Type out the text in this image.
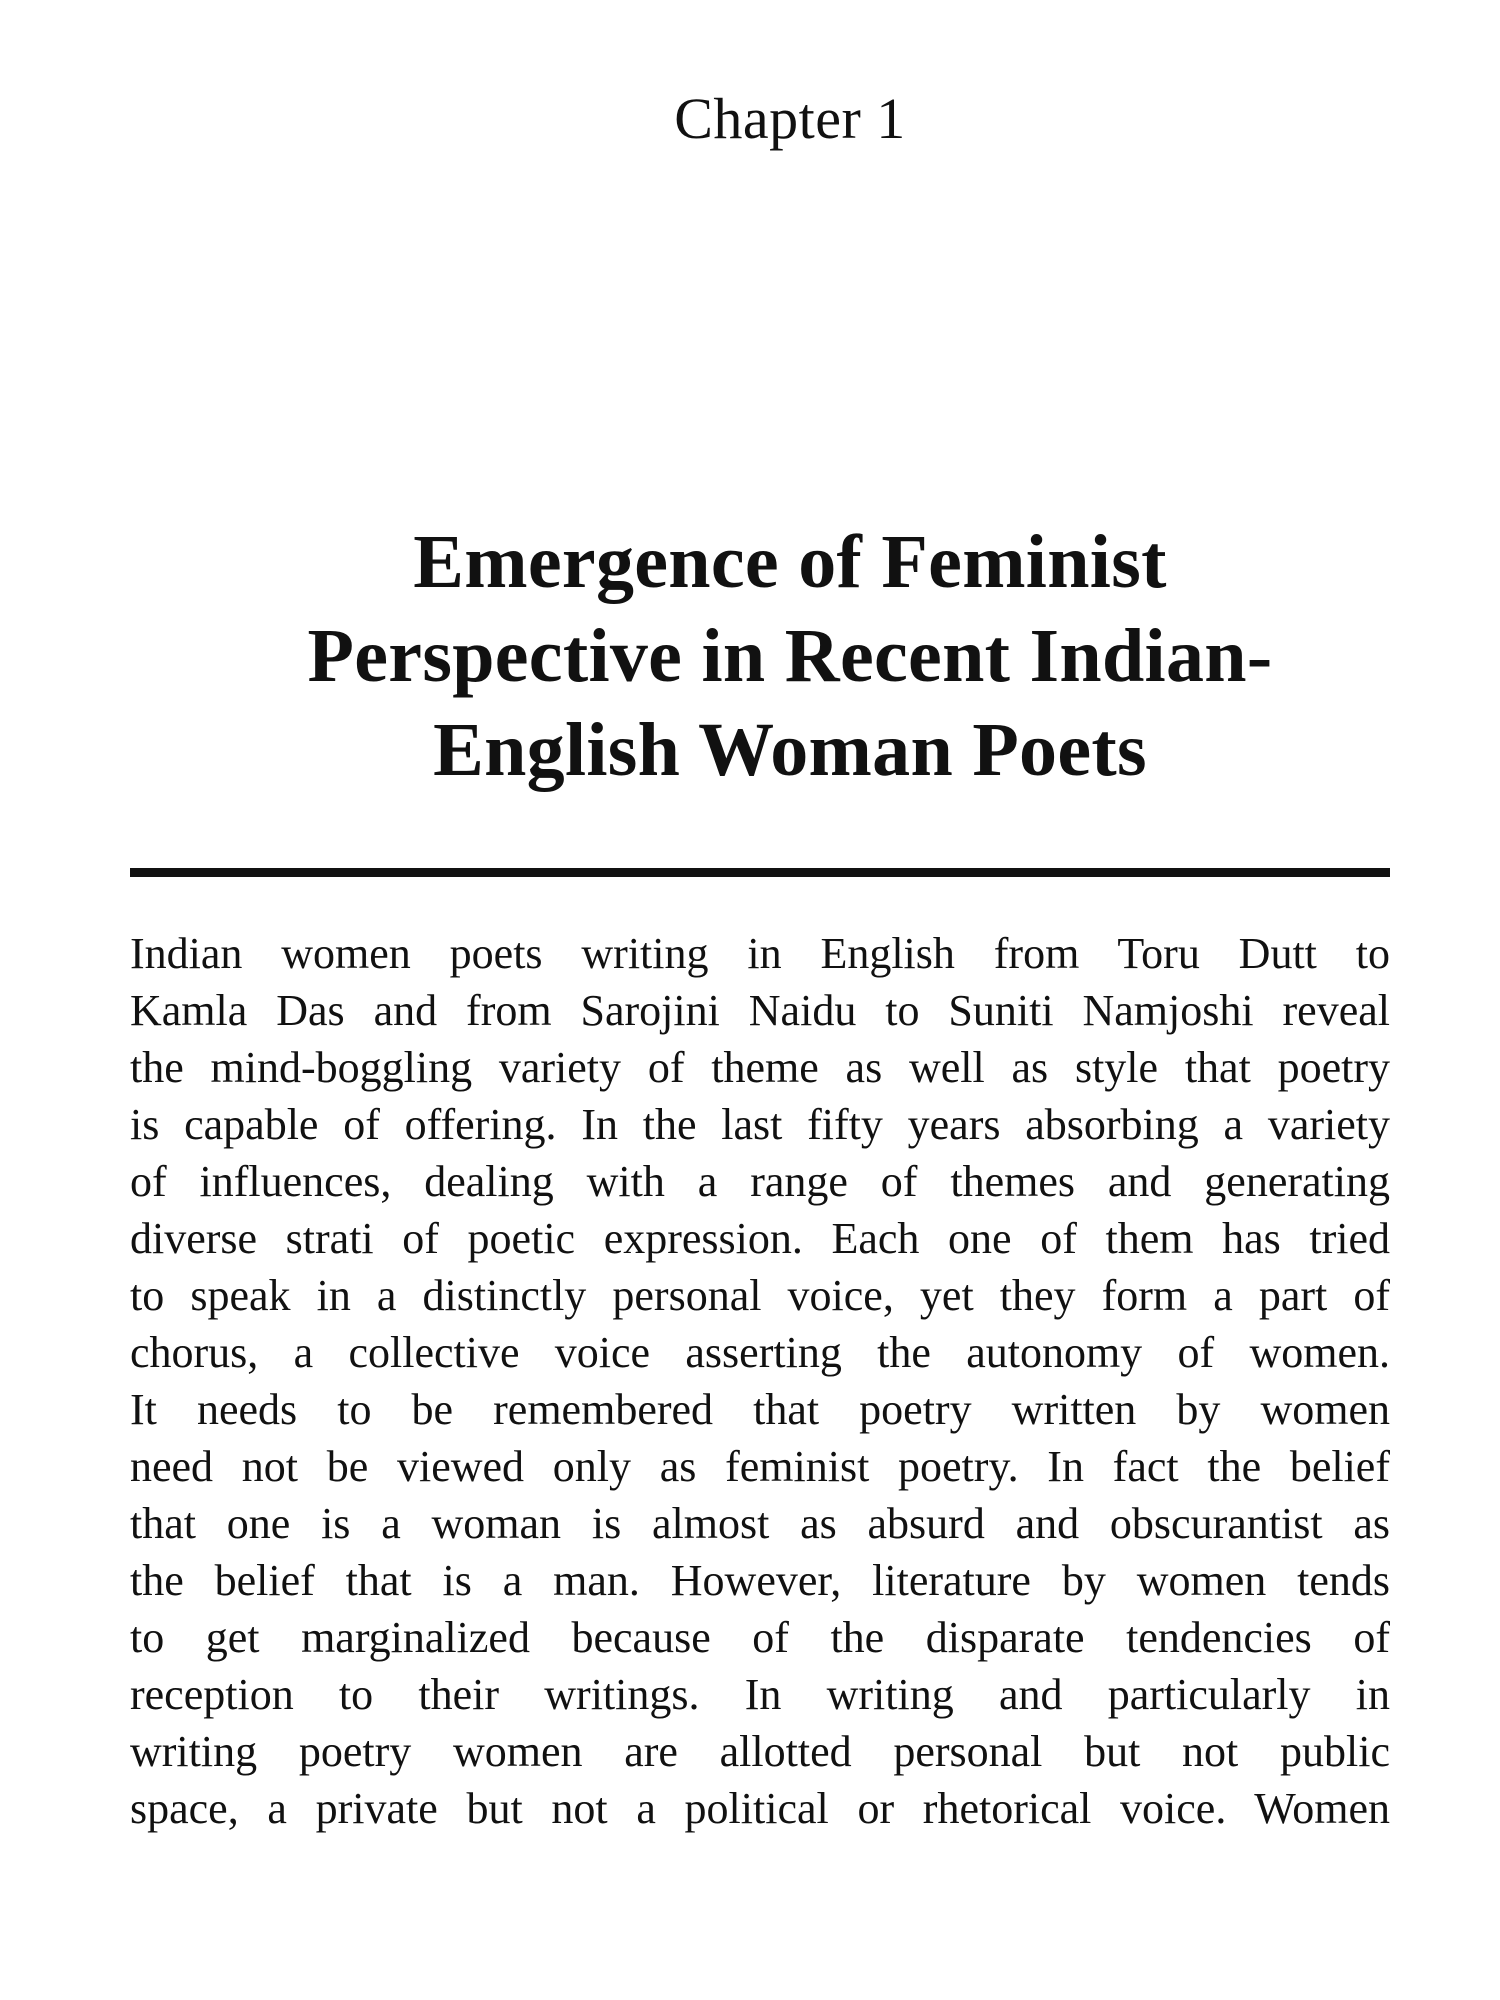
Chapter 1
Emergence of Feminist
Perspective in Recent Indian-
English Woman Poets
Indian women poets writing in English from Toru Dutt to
Kamla Das and from Sarojini Naidu to Suniti Namjoshi reveal
the mind-boggling variety of theme as well as style that poetry
is capable of offering. In the last fifty years absorbing a variety
of influences, dealing with a range of themes and generating
diverse strati of poetic expression. Each one of them has tried
to speak in a distinctly personal voice, yet they form a part of
chorus, a collective voice asserting the autonomy of women.
It needs to be remembered that poetry written by women
need not be viewed only as feminist poetry. In fact the belief
that one is a woman is almost as absurd and obscurantist as
the belief that is a man. However, literature by women tends
to get marginalized because of the disparate tendencies of
reception to their writings. In writing and particularly in
writing poetry women are allotted personal but not public
space, a private but not a political or rhetorical voice. Women
